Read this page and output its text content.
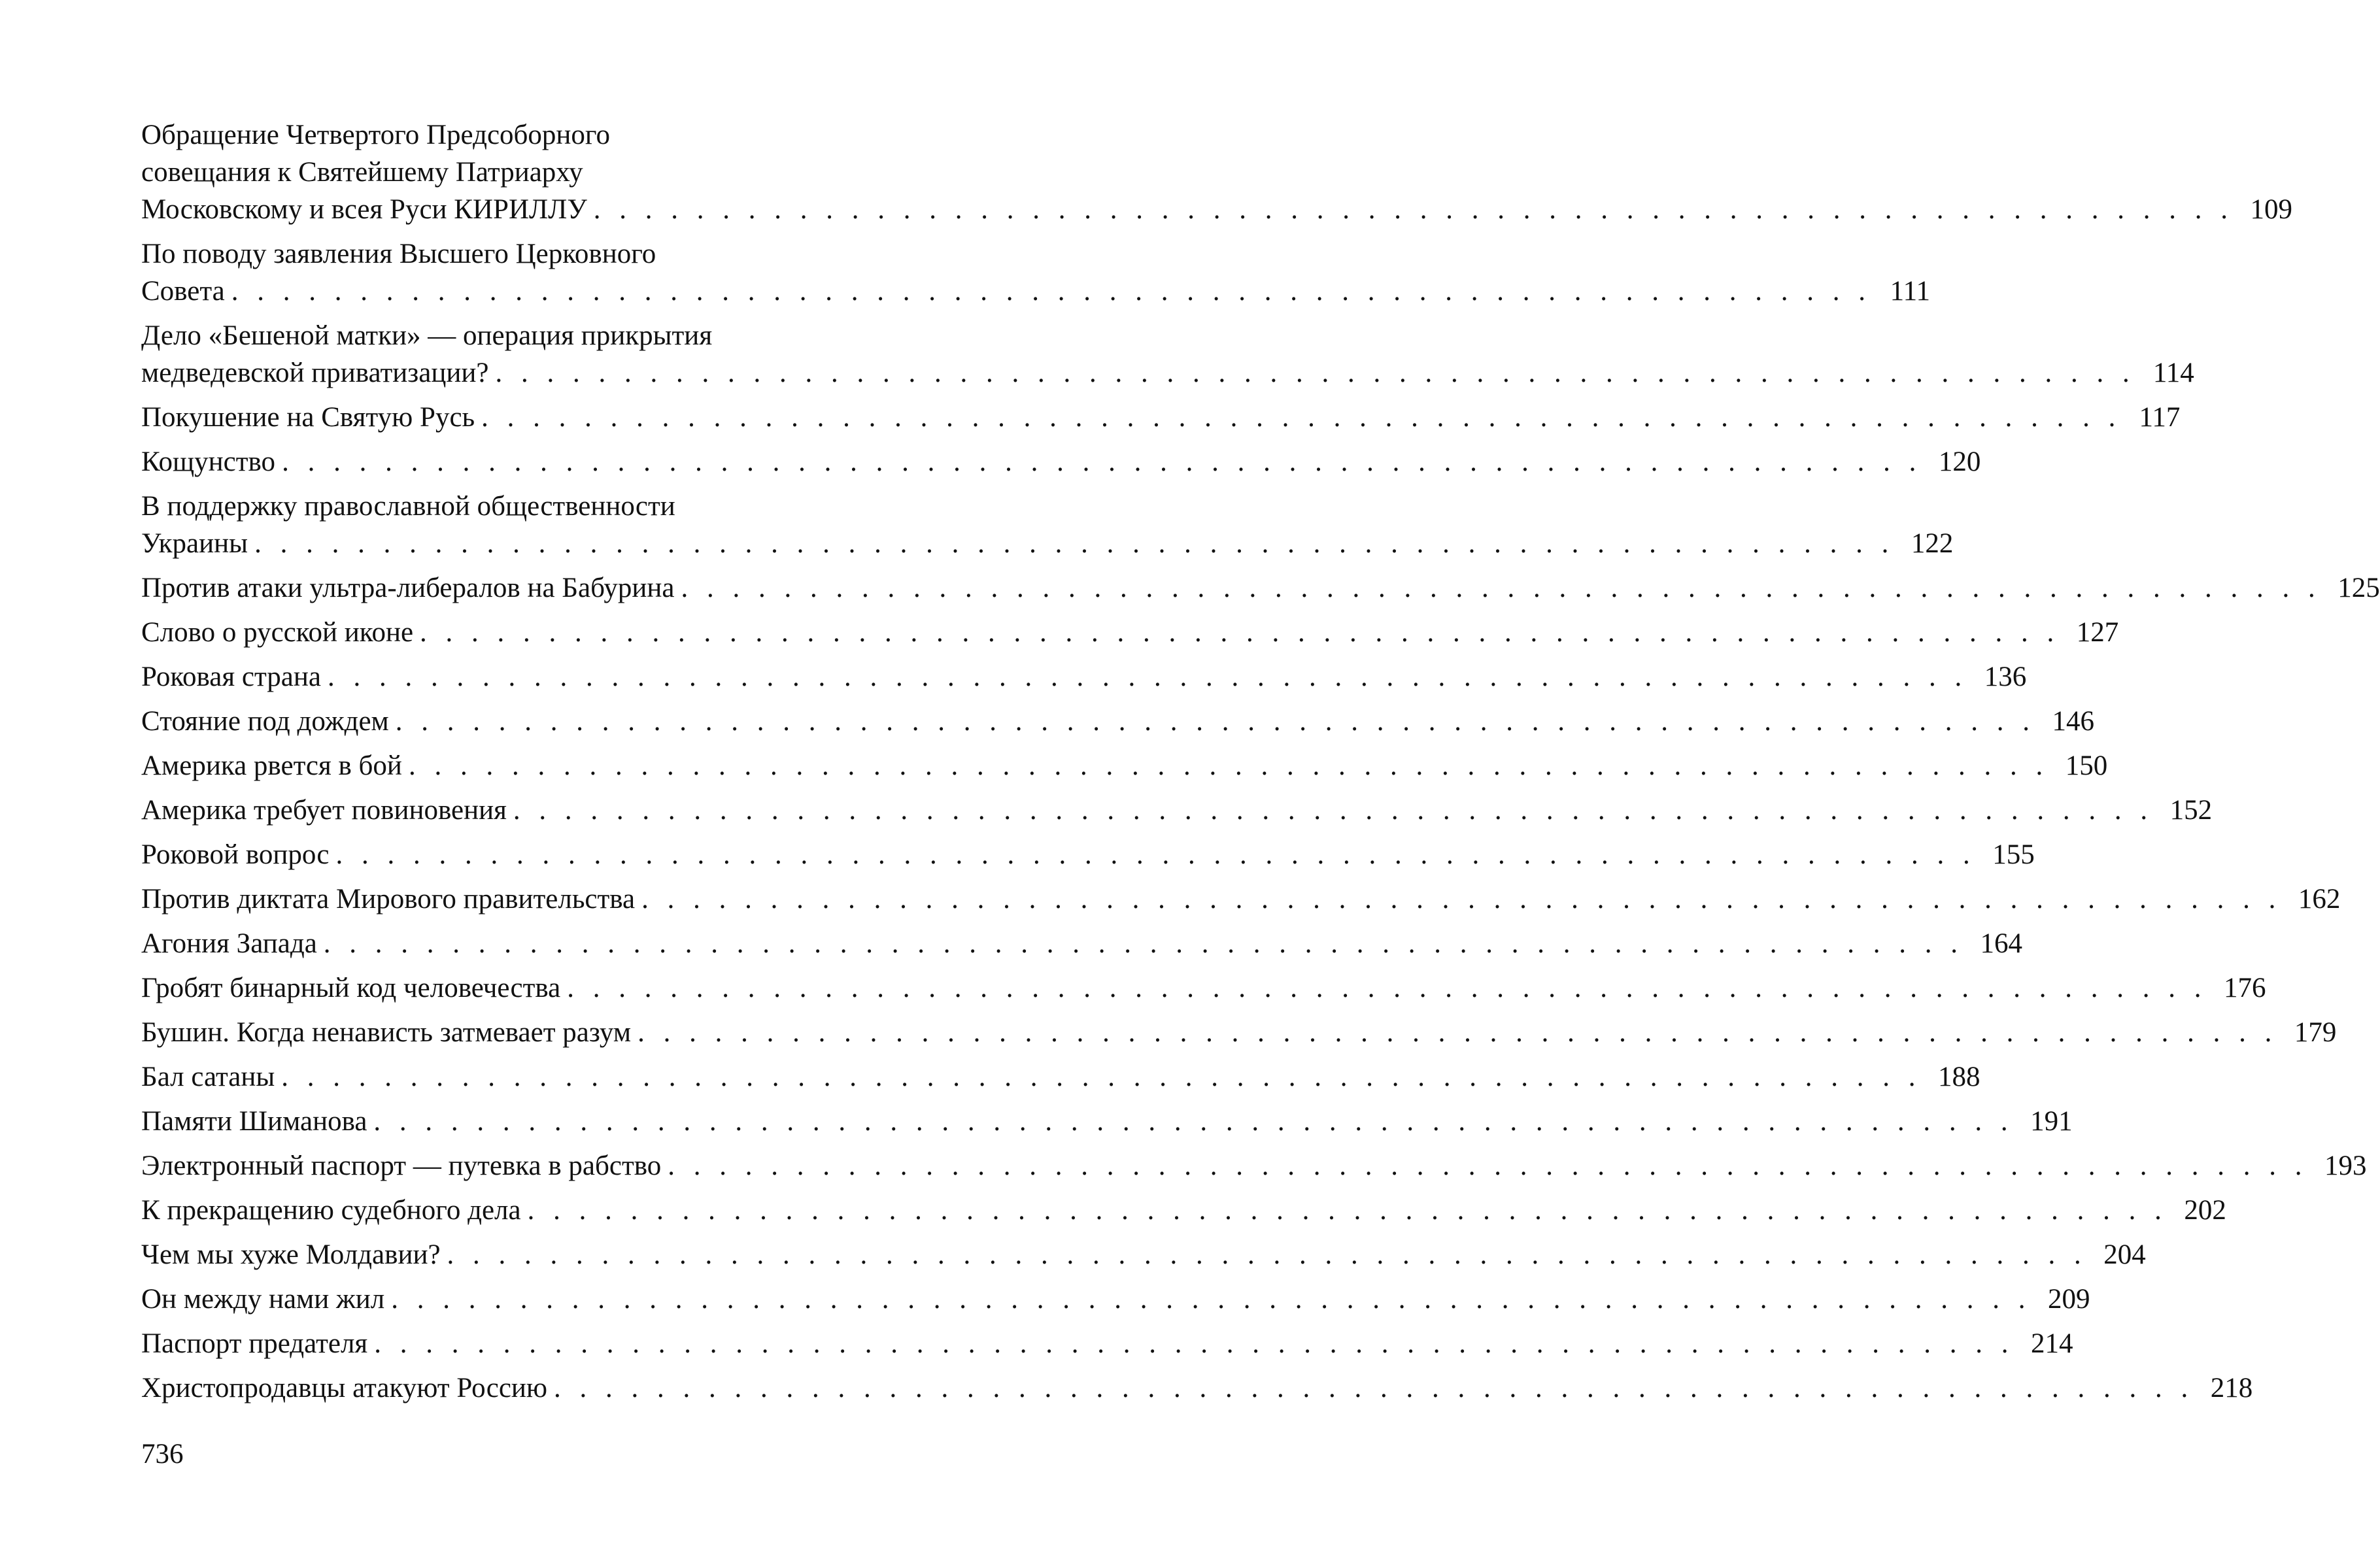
Обращение Четвертого Предсоборного
совещания к Святейшему Патриарху
Московскому и всея Руси КИРИЛЛУ . . . . . . . . . . . . . . . . . . . . . . . . . . . . . . . . . . . . . . . . . . . . . . . . . . . . . . . . . . . . . . . . 109
По поводу заявления Высшего Церковного
Совета . . . . . . . . . . . . . . . . . . . . . . . . . . . . . . . . . . . . . . . . . . . . . . . . . . . . . . . . . . . . . . . . 111
Дело «Бешеной матки» — операция прикрытия
медведевской приватизации? . . . . . . . . . . . . . . . . . . . . . . . . . . . . . . . . . . . . . . . . . . . . . . . . . . . . . . . . . . . . . . . . 114
Покушение на Святую Русь . . . . . . . . . . . . . . . . . . . . . . . . . . . . . . . . . . . . . . . . . . . . . . . . . . . . . . . . . . . . . . . . 117
Кощунство . . . . . . . . . . . . . . . . . . . . . . . . . . . . . . . . . . . . . . . . . . . . . . . . . . . . . . . . . . . . . . . . 120
В поддержку православной общественности
Украины . . . . . . . . . . . . . . . . . . . . . . . . . . . . . . . . . . . . . . . . . . . . . . . . . . . . . . . . . . . . . . . . 122
Против атаки ультра-либералов на Бабурина . . . . . . . . . . . . . . . . . . . . . . . . . . . . . . . . . . . . . . . . . . . . . . . . . . . . . . . . . . . . . . . . 125
Слово о русской иконе . . . . . . . . . . . . . . . . . . . . . . . . . . . . . . . . . . . . . . . . . . . . . . . . . . . . . . . . . . . . . . . . 127
Роковая страна . . . . . . . . . . . . . . . . . . . . . . . . . . . . . . . . . . . . . . . . . . . . . . . . . . . . . . . . . . . . . . . . 136
Стояние под дождем . . . . . . . . . . . . . . . . . . . . . . . . . . . . . . . . . . . . . . . . . . . . . . . . . . . . . . . . . . . . . . . . 146
Америка рвется в бой . . . . . . . . . . . . . . . . . . . . . . . . . . . . . . . . . . . . . . . . . . . . . . . . . . . . . . . . . . . . . . . . 150
Америка требует повиновения . . . . . . . . . . . . . . . . . . . . . . . . . . . . . . . . . . . . . . . . . . . . . . . . . . . . . . . . . . . . . . . . 152
Роковой вопрос . . . . . . . . . . . . . . . . . . . . . . . . . . . . . . . . . . . . . . . . . . . . . . . . . . . . . . . . . . . . . . . . 155
Против диктата Мирового правительства . . . . . . . . . . . . . . . . . . . . . . . . . . . . . . . . . . . . . . . . . . . . . . . . . . . . . . . . . . . . . . . . 162
Агония Запада . . . . . . . . . . . . . . . . . . . . . . . . . . . . . . . . . . . . . . . . . . . . . . . . . . . . . . . . . . . . . . . . 164
Гробят бинарный код человечества . . . . . . . . . . . . . . . . . . . . . . . . . . . . . . . . . . . . . . . . . . . . . . . . . . . . . . . . . . . . . . . . 176
Бушин. Когда ненависть затмевает разум . . . . . . . . . . . . . . . . . . . . . . . . . . . . . . . . . . . . . . . . . . . . . . . . . . . . . . . . . . . . . . . . 179
Бал сатаны . . . . . . . . . . . . . . . . . . . . . . . . . . . . . . . . . . . . . . . . . . . . . . . . . . . . . . . . . . . . . . . . 188
Памяти Шиманова . . . . . . . . . . . . . . . . . . . . . . . . . . . . . . . . . . . . . . . . . . . . . . . . . . . . . . . . . . . . . . . . 191
Электронный паспорт — путевка в рабство . . . . . . . . . . . . . . . . . . . . . . . . . . . . . . . . . . . . . . . . . . . . . . . . . . . . . . . . . . . . . . . . 193
К прекращению судебного дела . . . . . . . . . . . . . . . . . . . . . . . . . . . . . . . . . . . . . . . . . . . . . . . . . . . . . . . . . . . . . . . . 202
Чем мы хуже Молдавии? . . . . . . . . . . . . . . . . . . . . . . . . . . . . . . . . . . . . . . . . . . . . . . . . . . . . . . . . . . . . . . . . 204
Он между нами жил . . . . . . . . . . . . . . . . . . . . . . . . . . . . . . . . . . . . . . . . . . . . . . . . . . . . . . . . . . . . . . . . 209
Паспорт предателя . . . . . . . . . . . . . . . . . . . . . . . . . . . . . . . . . . . . . . . . . . . . . . . . . . . . . . . . . . . . . . . . 214
Христопродавцы атакуют Россию . . . . . . . . . . . . . . . . . . . . . . . . . . . . . . . . . . . . . . . . . . . . . . . . . . . . . . . . . . . . . . . . 218
736
